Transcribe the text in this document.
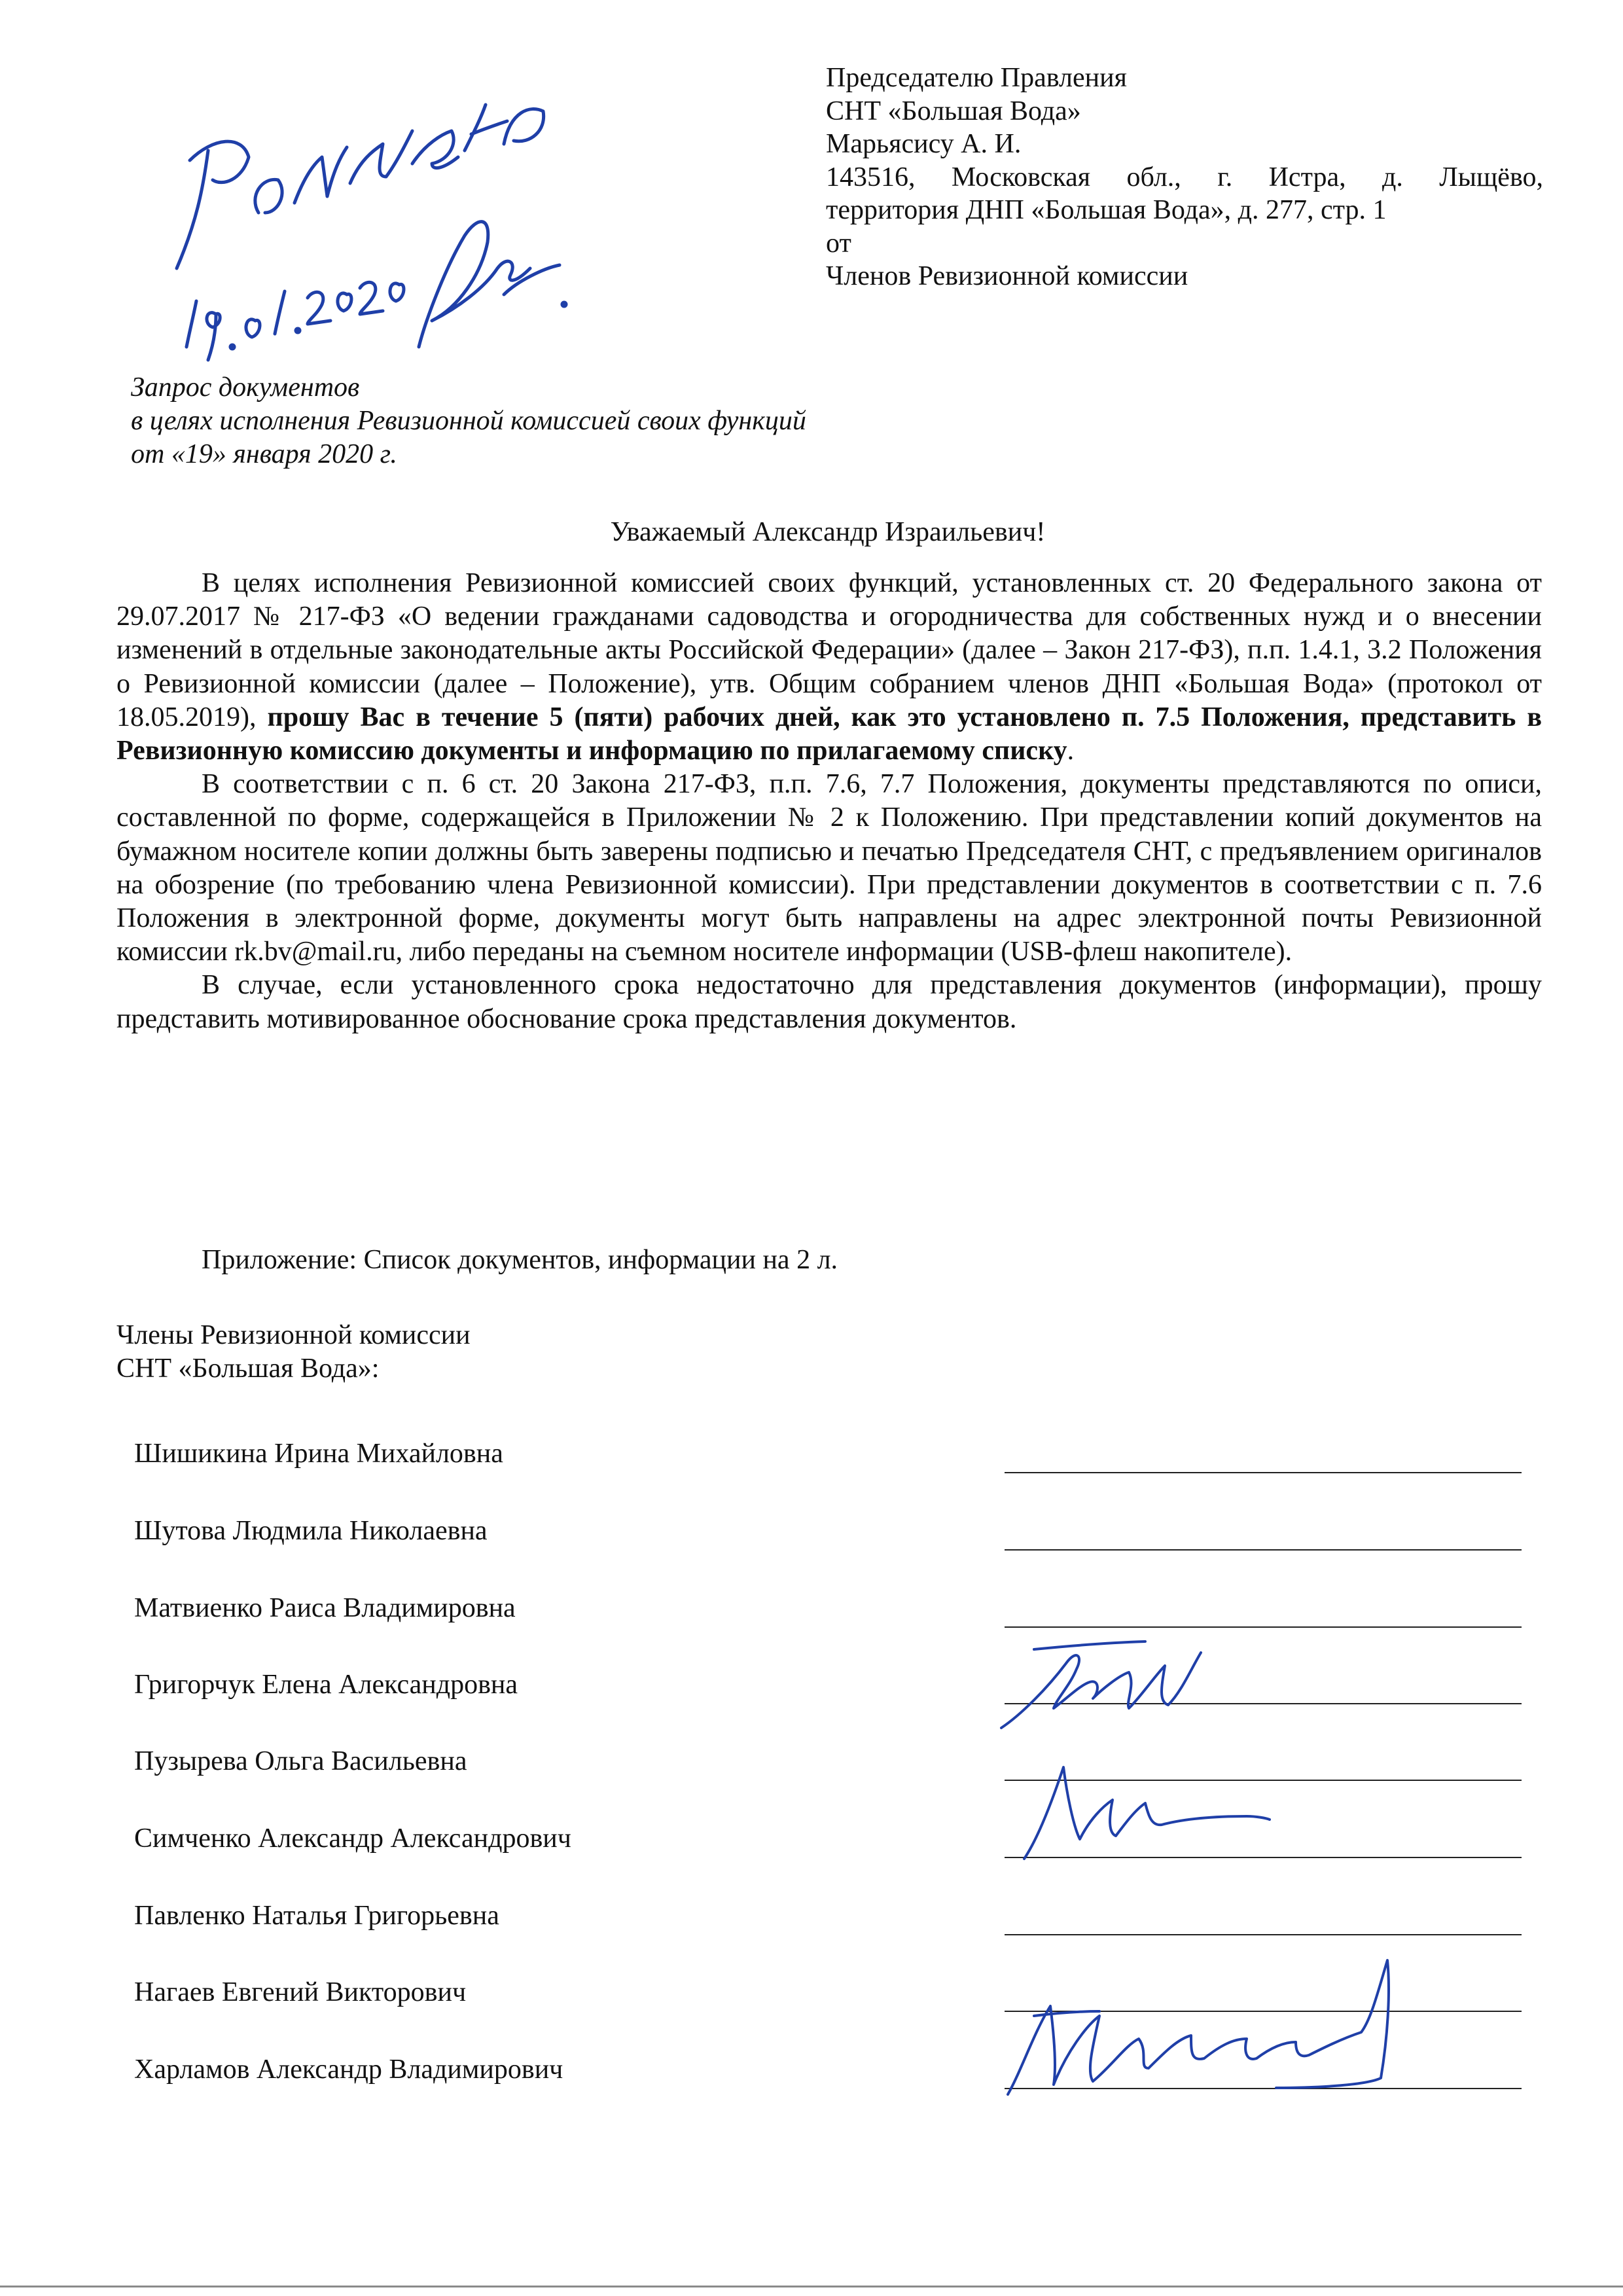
Председателю Правления
СНТ «Большая Вода»
Марьясису А. И.
143516, Московская обл., г. Истра, д. Лыщёво,
территория ДНП «Большая Вода», д. 277, стр. 1
от
Членов Ревизионной комиссии
Запрос документов
в целях исполнения Ревизионной комиссией своих функций
от «19» января 2020 г.
Уважаемый Александр Израильевич!

В целях исполнения Ревизионной комиссией своих функций, установленных ст. 20 Федерального закона от 29.07.2017 № 217-ФЗ «О ведении гражданами садоводства и огородничества для собственных нужд и о внесении изменений в отдельные законодательные акты Российской Федерации» (далее – Закон 217-ФЗ), п.п. 1.4.1, 3.2 Положения о Ревизионной комиссии (далее – Положение), утв. Общим собранием членов ДНП «Большая Вода» (протокол от 18.05.2019), прошу Вас в течение 5 (пяти) рабочих дней, как это установлено п. 7.5 Положения, представить в Ревизионную комиссию документы и информацию по прилагаемому списку.

В соответствии с п. 6 ст. 20 Закона 217-ФЗ, п.п. 7.6, 7.7 Положения, документы представляются по описи, составленной по форме, содержащейся в Приложении № 2 к Положению. При представлении копий документов на бумажном носителе копии должны быть заверены подписью и печатью Председателя СНТ, с предъявлением оригиналов на обозрение (по требованию члена Ревизионной комиссии). При представлении документов в соответствии с п. 7.6 Положения в электронной форме, документы могут быть направлены на адрес электронной почты Ревизионной комиссии rk.bv@mail.ru, либо переданы на съемном носителе информации (USB-флеш накопителе).

В случае, если установленного срока недостаточно для представления документов (информации), прошу представить мотивированное обоснование срока представления документов.

Приложение: Список документов, информации на 2 л.
Члены Ревизионной комиссии
СНТ «Большая Вода»:
Шишикина Ирина Михайловна
Шутова Людмила Николаевна
Матвиенко Раиса Владимировна
Григорчук Елена Александровна
Пузырева Ольга Васильевна
Симченко Александр Александрович
Павленко Наталья Григорьевна
Нагаев Евгений Викторович
Харламов Александр Владимирович
